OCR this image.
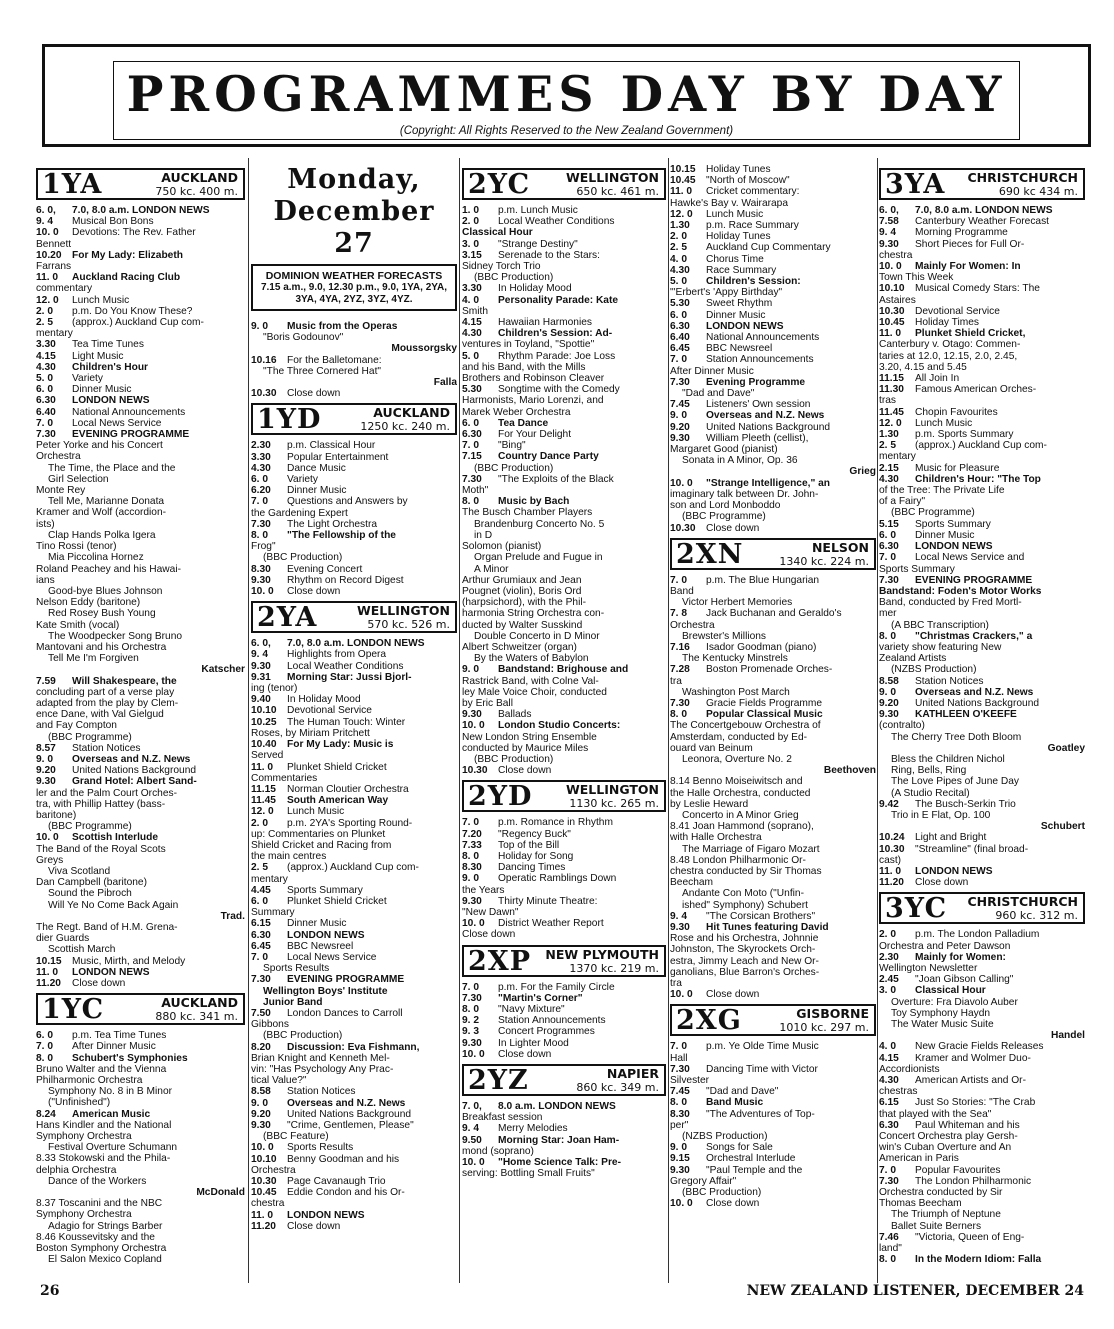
PROGRAMMES DAY BY DAY
(Copyright: All Rights Reserved to the New Zealand Government)
1YA	AUCKLAND
750 kc. 400 m.
6. 0, 7.0, 8.0 a.m. LONDON NEWS
9. 4 Musical Bon Bons
10. 0 Devotions: The Rev. Father
Bennett
10.20 For My Lady: Elizabeth
Farrans
11. 0 Auckland Racing Club
commentary
12. 0 Lunch Music
2. 0 p.m. Do You Know These?
2. 5 (approx.) Auckland Cup com-
mentary
3.30 Tea Time Tunes
4.15 Light Music
4.30 Children's Hour
5. 0 Variety
6. 0 Dinner Music
6.30 LONDON NEWS
6.40 National Announcements
7. 0 Local News Service
7.30 EVENING PROGRAMME
Peter Yorke and his Concert
Orchestra
The Time, the Place and the
Girl Selection
Monte Rey
Tell Me, Marianne Donata
Kramer and Wolf (accordion-
ists)
Clap Hands Polka Igera
Tino Rossi (tenor)
Mia Piccolina Hornez
Roland Peachey and his Hawai-
ians
Good-bye Blues Johnson
Nelson Eddy (baritone)
Red Rosey Bush Young
Kate Smith (vocal)
The Woodpecker Song Bruno
Mantovani and his Orchestra
Tell Me I'm Forgiven
Katscher
7.59 Will Shakespeare, the
concluding part of a verse play
adapted from the play by Clem-
ence Dane, with Val Gielgud
and Fay Compton
(BBC Programme)
8.57 Station Notices
9. 0 Overseas and N.Z. News
9.20 United Nations Background
9.30 Grand Hotel: Albert Sand-
ler and the Palm Court Orches-
tra, with Phillip Hattey (bass-
baritone)
(BBC Programme)
10. 0 Scottish Interlude
The Band of the Royal Scots
Greys
Viva Scotland
Dan Campbell (baritone)
Sound the Pibroch
Will Ye No Come Back Again
Trad.
The Regt. Band of H.M. Grena-
dier Guards
Scottish March
10.15 Music, Mirth, and Melody
11. 0 LONDON NEWS
11.20 Close down
1YC	AUCKLAND
880 kc. 341 m.
6. 0 p.m. Tea Time Tunes
7. 0 After Dinner Music
8. 0 Schubert's Symphonies
Bruno Walter and the Vienna
Philharmonic Orchestra
Symphony No. 8 in B Minor
("Unfinished")
8.24 American Music
Hans Kindler and the National
Symphony Orchestra
Festival Overture Schumann
8.33 Stokowski and the Phila-
delphia Orchestra
Dance of the Workers
McDonald
8.37 Toscanini and the NBC
Symphony Orchestra
Adagio for Strings Barber
8.46 Koussevitsky and the
Boston Symphony Orchestra
El Salon Mexico Copland
Monday, December 27
DOMINION WEATHER FORECASTS
7.15 a.m., 9.0, 12.30 p.m., 9.0, 1YA, 2YA, 3YA, 4YA, 2YZ, 3YZ, 4YZ.
9. 0 Music from the Operas
"Boris Godounov"
Moussorgsky
10.16 For the Balletomane:
"The Three Cornered Hat"
Falla
10.30 Close down
1YD	AUCKLAND
1250 kc. 240 m.
2.30 p.m. Classical Hour
3.30 Popular Entertainment
4.30 Dance Music
6. 0 Variety
6.20 Dinner Music
7. 0 Questions and Answers by
the Gardening Expert
7.30 The Light Orchestra
8. 0 "The Fellowship of the
Frog"
(BBC Production)
8.30 Evening Concert
9.30 Rhythm on Record Digest
10. 0 Close down
2YA	WELLINGTON
570 kc. 526 m.
6. 0, 7.0, 8.0 a.m. LONDON NEWS
9. 4 Highlights from Opera
9.30 Local Weather Conditions
9.31 Morning Star: Jussi Bjorl-
ing (tenor)
9.40 In Holiday Mood
10.10 Devotional Service
10.25 The Human Touch: Winter
Roses, by Miriam Pritchett
10.40 For My Lady: Music is
Served
11. 0 Plunket Shield Cricket
Commentaries
11.15 Norman Cloutier Orchestra
11.45 South American Way
12. 0 Lunch Music
2. 0 p.m. 2YA's Sporting Round-
up: Commentaries on Plunket
Shield Cricket and Racing from
the main centres
2. 5 (approx.) Auckland Cup com-
mentary
4.45 Sports Summary
6. 0 Plunket Shield Cricket
Summary
6.15 Dinner Music
6.30 LONDON NEWS
6.45 BBC Newsreel
7. 0 Local News Service
Sports Results
7.30 EVENING PROGRAMME
Wellington Boys' Institute
Junior Band
7.50 London Dances to Carroll
Gibbons
(BBC Production)
8.20 Discussion: Eva Fishmann,
Brian Knight and Kenneth Mel-
vin: "Has Psychology Any Prac-
tical Value?"
8.58 Station Notices
9. 0 Overseas and N.Z. News
9.20 United Nations Background
9.30 "Crime, Gentlemen, Please"
(BBC Feature)
10. 0 Sports Results
10.10 Benny Goodman and his
Orchestra
10.30 Page Cavanaugh Trio
10.45 Eddie Condon and his Or-
chestra
11. 0 LONDON NEWS
11.20 Close down
2YC	WELLINGTON
650 kc. 461 m.
1. 0 p.m. Lunch Music
2. 0 Local Weather Conditions
Classical Hour
3. 0 "Strange Destiny"
3.15 Serenade to the Stars:
Sidney Torch Trio
(BBC Production)
3.30 In Holiday Mood
4. 0 Personality Parade: Kate
Smith
4.15 Hawaiian Harmonies
4.30 Children's Session: Ad-
ventures in Toyland, "Spottie"
5. 0 Rhythm Parade: Joe Loss
and his Band, with the Mills
Brothers and Robinson Cleaver
5.30 Songtime with the Comedy
Harmonists, Mario Lorenzi, and
Marek Weber Orchestra
6. 0 Tea Dance
6.30 For Your Delight
7. 0 "Bing"
7.15 Country Dance Party
(BBC Production)
7.30 "The Exploits of the Black
Moth"
8. 0 Music by Bach
The Busch Chamber Players
Brandenburg Concerto No. 5
in D
Solomon (pianist)
Organ Prelude and Fugue in
A Minor
Arthur Grumiaux and Jean
Pougnet (violin), Boris Ord
(harpsichord), with the Phil-
harmonia String Orchestra con-
ducted by Walter Susskind
Double Concerto in D Minor
Albert Schweitzer (organ)
By the Waters of Babylon
9. 0 Bandstand: Brighouse and
Rastrick Band, with Colne Val-
ley Male Voice Choir, conducted
by Eric Ball
9.30 Ballads
10. 0 London Studio Concerts:
New London String Ensemble
conducted by Maurice Miles
(BBC Production)
10.30 Close down
2YD	WELLINGTON
1130 kc. 265 m.
7. 0 p.m. Romance in Rhythm
7.20 "Regency Buck"
7.33 Top of the Bill
8. 0 Holiday for Song
8.30 Dancing Times
9. 0 Operatic Ramblings Down
the Years
9.30 Thirty Minute Theatre:
"New Dawn"
10. 0 District Weather Report
Close down
2XP NEW PLYMOUTH
1370 kc. 219 m.
7. 0 p.m. For the Family Circle
7.30 "Martin's Corner"
8. 0 "Navy Mixture"
9. 2 Station Announcements
9. 3 Concert Programmes
9.30 In Lighter Mood
10. 0 Close down
2YZ	NAPIER
860 kc. 349 m.
7. 0, 8.0 a.m. LONDON NEWS
Breakfast session
9. 4 Merry Melodies
9.50 Morning Star: Joan Ham-
mond (soprano)
10. 0 "Home Science Talk: Pre-
serving: Bottling Small Fruits"
10.15 Holiday Tunes
10.45 "North of Moscow"
11. 0 Cricket commentary:
Hawke's Bay v. Wairarapa
12. 0 Lunch Music
1.30 p.m. Race Summary
2. 0 Holiday Tunes
2. 5 Auckland Cup Commentary
4. 0 Chorus Time
4.30 Race Summary
5. 0 Children's Session:
"'Erbert's 'Appy Birthday"
5.30 Sweet Rhythm
6. 0 Dinner Music
6.30 LONDON NEWS
6.40 National Announcements
6.45 BBC Newsreel
7. 0 Station Announcements
After Dinner Music
7.30 Evening Programme
"Dad and Dave"
7.45 Listeners' Own session
9. 0 Overseas and N.Z. News
9.20 United Nations Background
9.30 William Pleeth (cellist),
Margaret Good (pianist)
Sonata in A Minor, Op. 36
Grieg
10. 0 "Strange Intelligence," an
imaginary talk between Dr. John-
son and Lord Monboddo
(BBC Programme)
10.30 Close down
2XN	NELSON
1340 kc. 224 m.
7. 0 p.m. The Blue Hungarian
Band
Victor Herbert Memories
7. 8 Jack Buchanan and Geraldo's
Orchestra
Brewster's Millions
7.16 Isador Goodman (piano)
The Kentucky Minstrels
7.28 Boston Promenade Orches-
tra
Washington Post March
7.30 Gracie Fields Programme
8. 0 Popular Classical Music
The Concertgebouw Orchestra of
Amsterdam, conducted by Ed-
ouard van Beinum
Leonora, Overture No. 2
Beethoven
8.14 Benno Moiseiwitsch and
the Halle Orchestra, conducted
by Leslie Heward
Concerto in A Minor Grieg
8.41 Joan Hammond (soprano),
with Halle Orchestra
The Marriage of Figaro Mozart
8.48 London Philharmonic Or-
chestra conducted by Sir Thomas
Beecham
Andante Con Moto ("Unfin-
ished" Symphony) Schubert
9. 4 "The Corsican Brothers"
9.30 Hit Tunes featuring David
Rose and his Orchestra, Johnnie
Johnston, The Skyrockets Orch-
estra, Jimmy Leach and New Or-
ganolians, Blue Barron's Orches-
tra
10. 0 Close down
2XG	GISBORNE
1010 kc. 297 m.
7. 0 p.m. Ye Olde Time Music
Hall
7.30 Dancing Time with Victor
Silvester
7.45 "Dad and Dave"
8. 0 Band Music
8.30 "The Adventures of Top-
per"
(NZBS Production)
9. 0 Songs for Sale
9.15 Orchestral Interlude
9.30 "Paul Temple and the
Gregory Affair"
(BBC Production)
10. 0 Close down
3YA CHRISTCHURCH
690 kc 434 m.
6. 0, 7.0, 8.0 a.m. LONDON NEWS
7.58 Canterbury Weather Forecast
9. 4 Morning Programme
9.30 Short Pieces for Full Or-
chestra
10. 0 Mainly For Women: In
Town This Week
10.10 Musical Comedy Stars: The
Astaires
10.30 Devotional Service
10.45 Holiday Times
11. 0 Plunket Shield Cricket,
Canterbury v. Otago: Commen-
taries at 12.0, 12.15, 2.0, 2.45,
3.20, 4.15 and 5.45
11.15 All Join In
11.30 Famous American Orches-
tras
11.45 Chopin Favourites
12. 0 Lunch Music
1.30 p.m. Sports Summary
2. 5 (approx.) Auckland Cup com-
mentary
2.15 Music for Pleasure
4.30 Children's Hour: "The Top
of the Tree: The Private Life
of a Fairy"
(BBC Programme)
5.15 Sports Summary
6. 0 Dinner Music
6.30 LONDON NEWS
7. 0 Local News Service and
Sports Summary
7.30 EVENING PROGRAMME
Bandstand: Foden's Motor Works
Band, conducted by Fred Mortl-
mer
(A BBC Transcription)
8. 0 "Christmas Crackers," a
variety show featuring New
Zealand Artists
(NZBS Production)
8.58 Station Notices
9. 0 Overseas and N.Z. News
9.20 United Nations Background
9.30 KATHLEEN O'KEEFE
(contralto)
The Cherry Tree Doth Bloom
Goatley
Bless the Children Nichol
Ring, Bells, Ring
The Love Pipes of June Day
(A Studio Recital)
9.42 The Busch-Serkin Trio
Trio in E Flat, Op. 100
Schubert
10.24 Light and Bright
10.30 "Streamline" (final broad-
cast)
11. 0 LONDON NEWS
11.20 Close down
3YC CHRISTCHURCH
960 kc. 312 m.
2. 0 p.m. The London Palladium
Orchestra and Peter Dawson
2.30 Mainly for Women:
Wellington Newsletter
2.45 "Joan Gibson Calling"
3. 0 Classical Hour
Overture: Fra Diavolo Auber
Toy Symphony Haydn
The Water Music Suite
Handel
4. 0 New Gracie Fields Releases
4.15 Kramer and Wolmer Duo-
Accordionists
4.30 American Artists and Or-
chestras
6.15 Just So Stories: "The Crab
that played with the Sea"
6.30 Paul Whiteman and his
Concert Orchestra play Gersh-
win's Cuban Overture and An
American in Paris
7. 0 Popular Favourites
7.30 The London Philharmonic
Orchestra conducted by Sir
Thomas Beecham
The Triumph of Neptune
Ballet Suite Berners
7.46 "Victoria, Queen of Eng-
land"
8. 0 In the Modern Idiom: Falla
26	NEW ZEALAND LISTENER, DECEMBER 24
